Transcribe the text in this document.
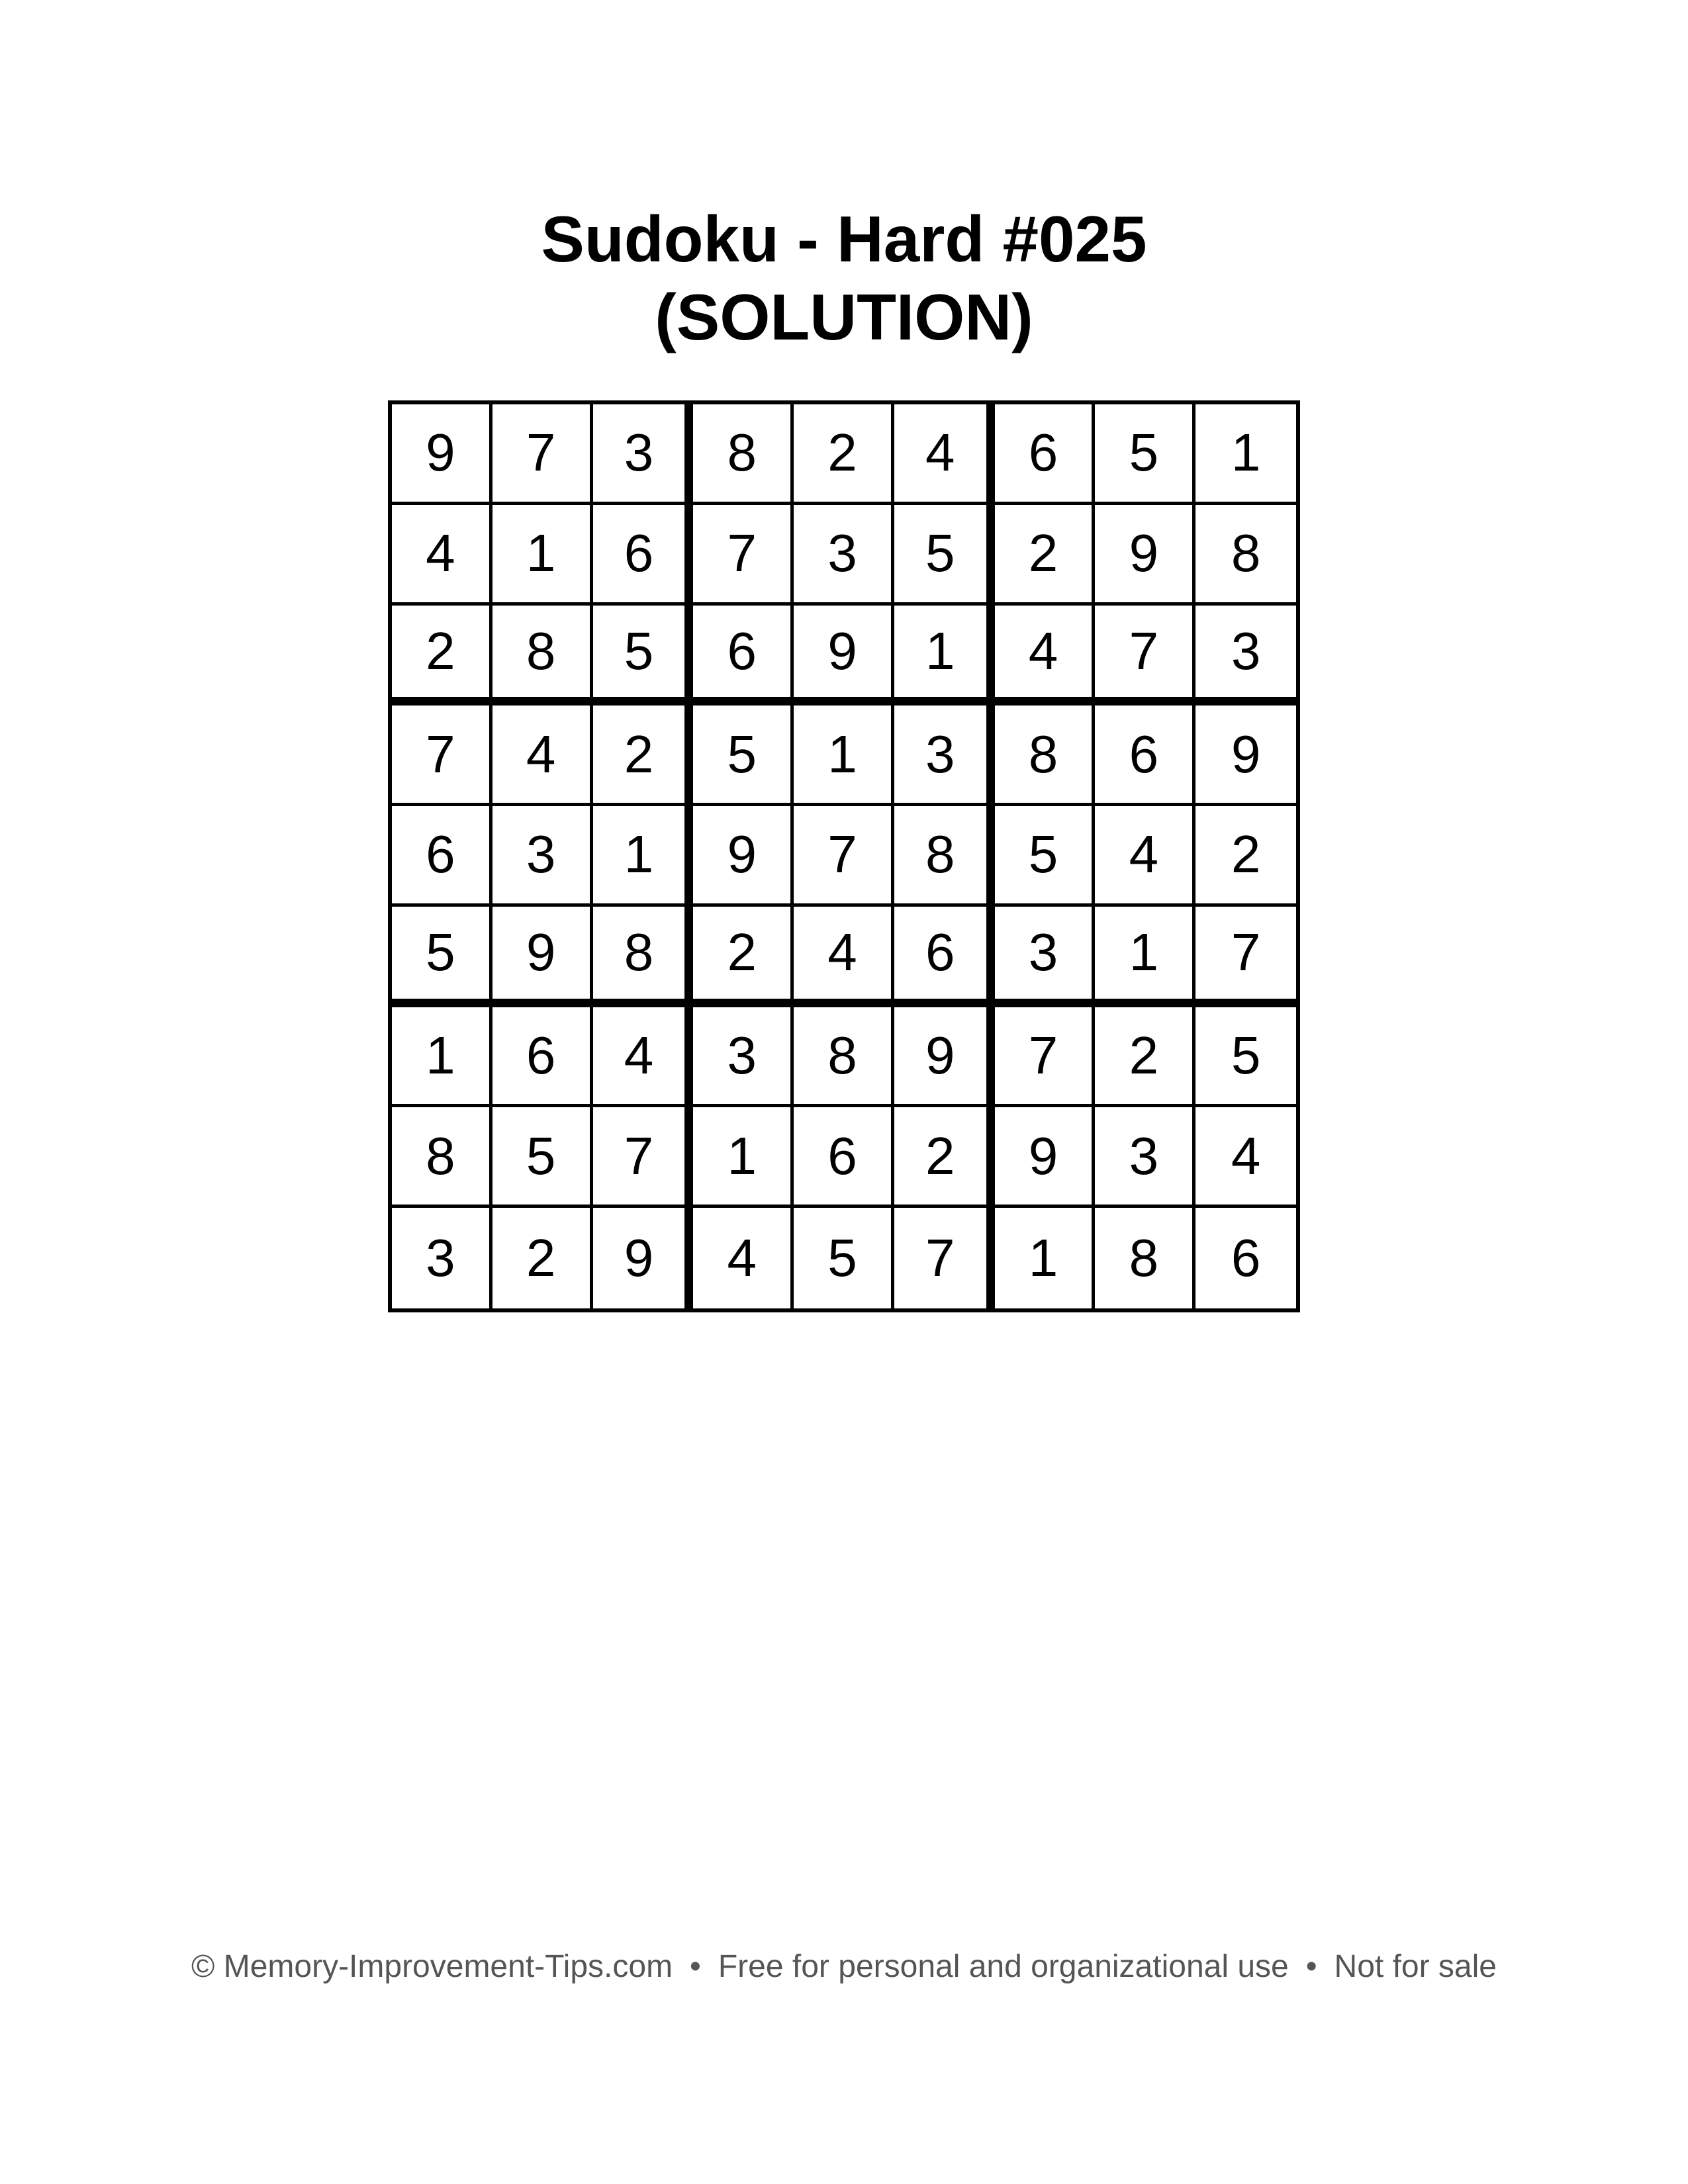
Sudoku - Hard #025
(SOLUTION)
9	7	3	8	2	4	6	5	1
4	1	6	7	3	5	2	9	8
2	8	5	6	9	1	4	7	3
7	4	2	5	1	3	8	6	9
6	3	1	9	7	8	5	4	2
5	9	8	2	4	6	3	1	7
1	6	4	3	8	9	7	2	5
8	5	7	1	6	2	9	3	4
3	2	9	4	5	7	1	8	6
© Memory-Improvement-Tips.com • Free for personal and organizational use • Not for sale
